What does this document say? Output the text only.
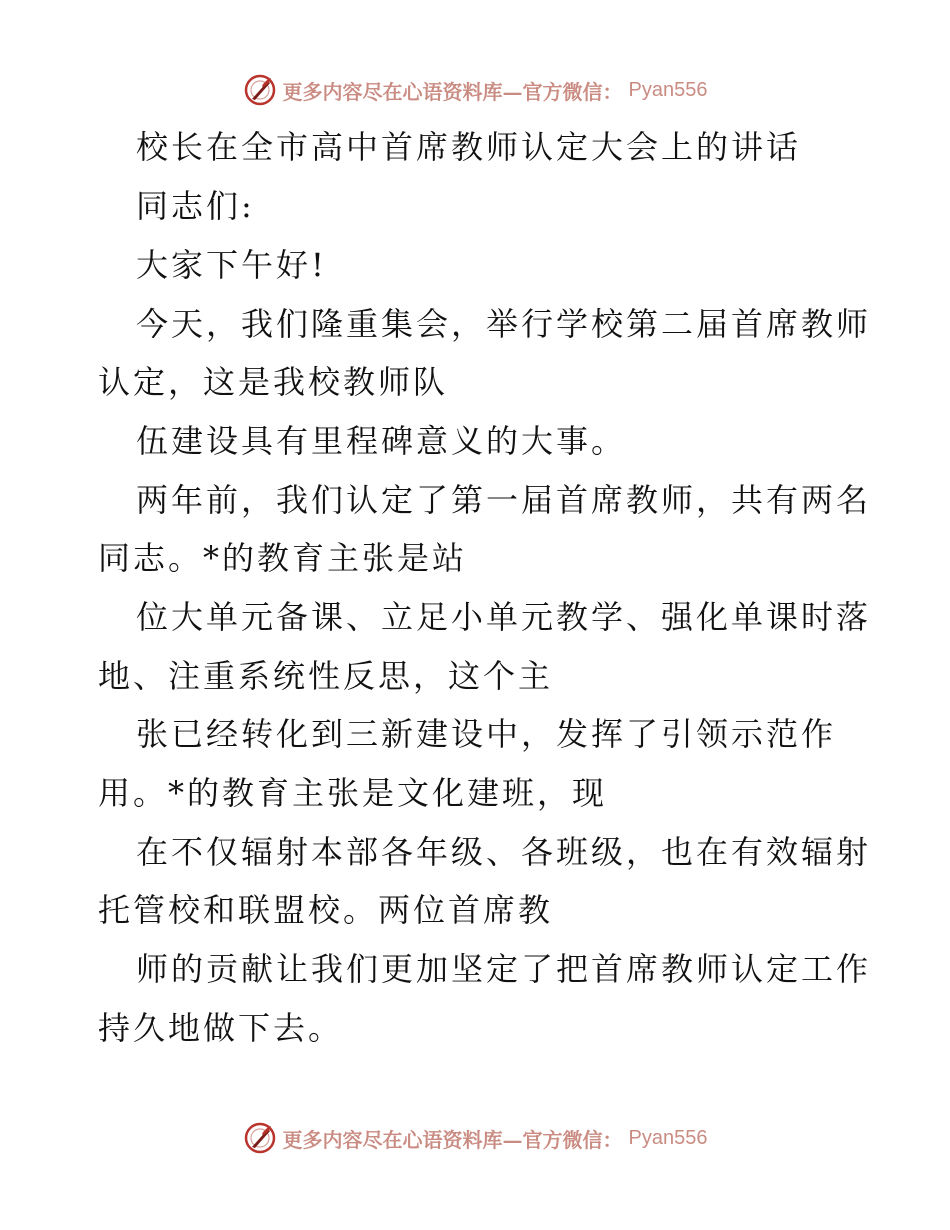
更多内容尽在心语资料库—官方微信： Pyan556
校长在全市高中首席教师认定大会上的讲话
同志们:
大家下午好!
今天，我们隆重集会，举行学校第二届首席教师
认定，这是我校教师队
伍建设具有里程碑意义的大事。
两年前，我们认定了第一届首席教师，共有两名
同志。*的教育主张是站
位大单元备课、立足小单元教学、强化单课时落
地、注重系统性反思，这个主
张已经转化到三新建设中，发挥了引领示范作
用。*的教育主张是文化建班，现
在不仅辐射本部各年级、各班级，也在有效辐射
托管校和联盟校。两位首席教
师的贡献让我们更加坚定了把首席教师认定工作
持久地做下去。
更多内容尽在心语资料库—官方微信： Pyan556
